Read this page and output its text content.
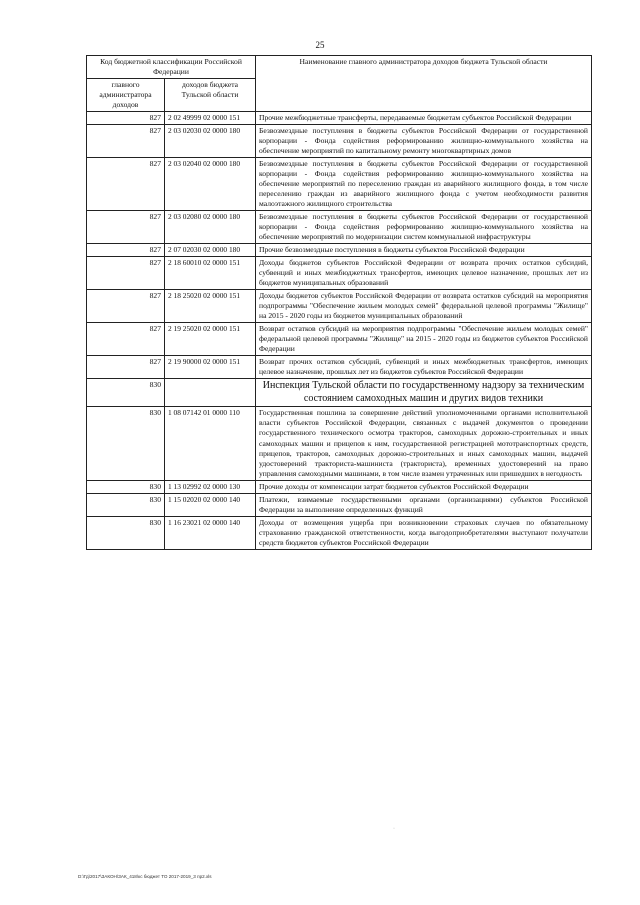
25
Код бюджетной классификации Российской Федерации		Наименование главного администратора доходов бюджета Тульской области
главного администратора доходов	доходов бюджета Тульской области	
827	2 02 49999 02 0000 151	Прочие межбюджетные трансферты, передаваемые бюджетам субъектов Российской Федерации
827	2 03 02030 02 0000 180	Безвозмездные поступления в бюджеты субъектов Российской Федерации от государственной корпорации - Фонда содействия реформированию жилищно-коммунального хозяйства на обеспечение мероприятий по капитальному ремонту многоквартирных домов
827	2 03 02040 02 0000 180	Безвозмездные поступления в бюджеты субъектов Российской Федерации от государственной корпорации - Фонда содействия реформированию жилищно-коммунального хозяйства на обеспечение мероприятий по переселению граждан из аварийного жилищного фонда, в том числе переселению граждан из аварийного жилищного фонда с учетом необходимости развития малоэтажного жилищного строительства
827	2 03 02080 02 0000 180	Безвозмездные поступления в бюджеты субъектов Российской Федерации от государственной корпорации - Фонда содействия реформированию жилищно-коммунального хозяйства на обеспечение мероприятий по модернизации систем коммунальной инфраструктуры
827	2 07 02030 02 0000 180	Прочие безвозмездные поступления в бюджеты субъектов Российской Федерации
827	2 18 60010 02 0000 151	Доходы бюджетов субъектов Российской Федерации от возврата прочих остатков субсидий, субвенций и иных межбюджетных трансфертов, имеющих целевое назначение, прошлых лет из бюджетов муниципальных образований
827	2 18 25020 02 0000 151	Доходы бюджетов субъектов Российской Федерации от возврата остатков субсидий на мероприятия подпрограммы "Обеспечение жильем молодых семей" федеральной целевой программы "Жилище" на 2015 - 2020 годы из бюджетов муниципальных образований
827	2 19 25020 02 0000 151	Возврат остатков субсидий на мероприятия подпрограммы "Обеспечение жильем молодых семей" федеральной целевой программы "Жилище" на 2015 - 2020 годы из бюджетов субъектов Российской Федерации
827	2 19 90000 02 0000 151	Возврат прочих остатков субсидий, субвенций и иных межбюджетных трансфертов, имеющих целевое назначение, прошлых лет из бюджетов субъектов Российской Федерации
830		Инспекция Тульской области по государственному надзору за техническим состоянием самоходных машин и других видов техники
830	1 08 07142 01 0000 110	Государственная пошлина за совершение действий уполномоченными органами исполнительной власти субъектов Российской Федерации, связанных с выдачей документов о проведении государственного технического осмотра тракторов, самоходных дорожно-строительных и иных самоходных машин и прицепов к ним, государственной регистрацией мототранспортных средств, прицепов, тракторов, самоходных дорожно-строительных и иных самоходных машин, выдачей удостоверений тракториста-машиниста (тракториста), временных удостоверений на право управления самоходными машинами, в том числе взамен утраченных или пришедших в негодность
830	1 13 02992 02 0000 130	Прочие доходы от компенсации затрат бюджетов субъектов Российской Федерации
830	1 15 02020 02 0000 140	Платежи, взимаемые государственными органами (организациями) субъектов Российской Федерации за выполнение определенных функций
830	1 16 23021 02 0000 140	Доходы от возмещения ущерба при возникновении страховых случаев по обязательному страхованию гражданской ответственности, когда выгодоприобретателями выступают получатели средств бюджетов субъектов Российской Федерации
·
D:\Гд\2017\ЗАКОН\ЗАК_418\кс бюджет ТО 2017-2019_3 пр2.xls
